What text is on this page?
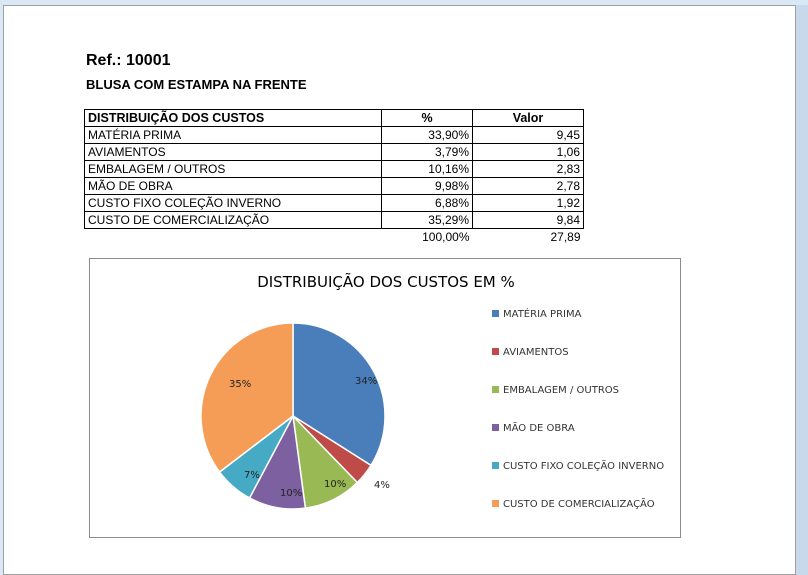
Ref.: 10001
BLUSA COM ESTAMPA NA FRENTE
DISTRIBUIÇÃO DOS CUSTOS	%	Valor
MATÉRIA PRIMA	33,90%	9,45
AVIAMENTOS	3,79%	1,06
EMBALAGEM / OUTROS	10,16%	2,83
MÃO DE OBRA	9,98%	2,78
CUSTO FIXO COLEÇÃO INVERNO	6,88%	1,92
CUSTO DE COMERCIALIZAÇÃO	35,29%	9,84
	100,00%	27,89
DISTRIBUIÇÃO DOS CUSTOS EM %
34%
4%
10%
10%
7%
35%
MATÉRIA PRIMA
AVIAMENTOS
EMBALAGEM / OUTROS
MÃO DE OBRA
CUSTO FIXO COLEÇÃO INVERNO
CUSTO DE COMERCIALIZAÇÃO
